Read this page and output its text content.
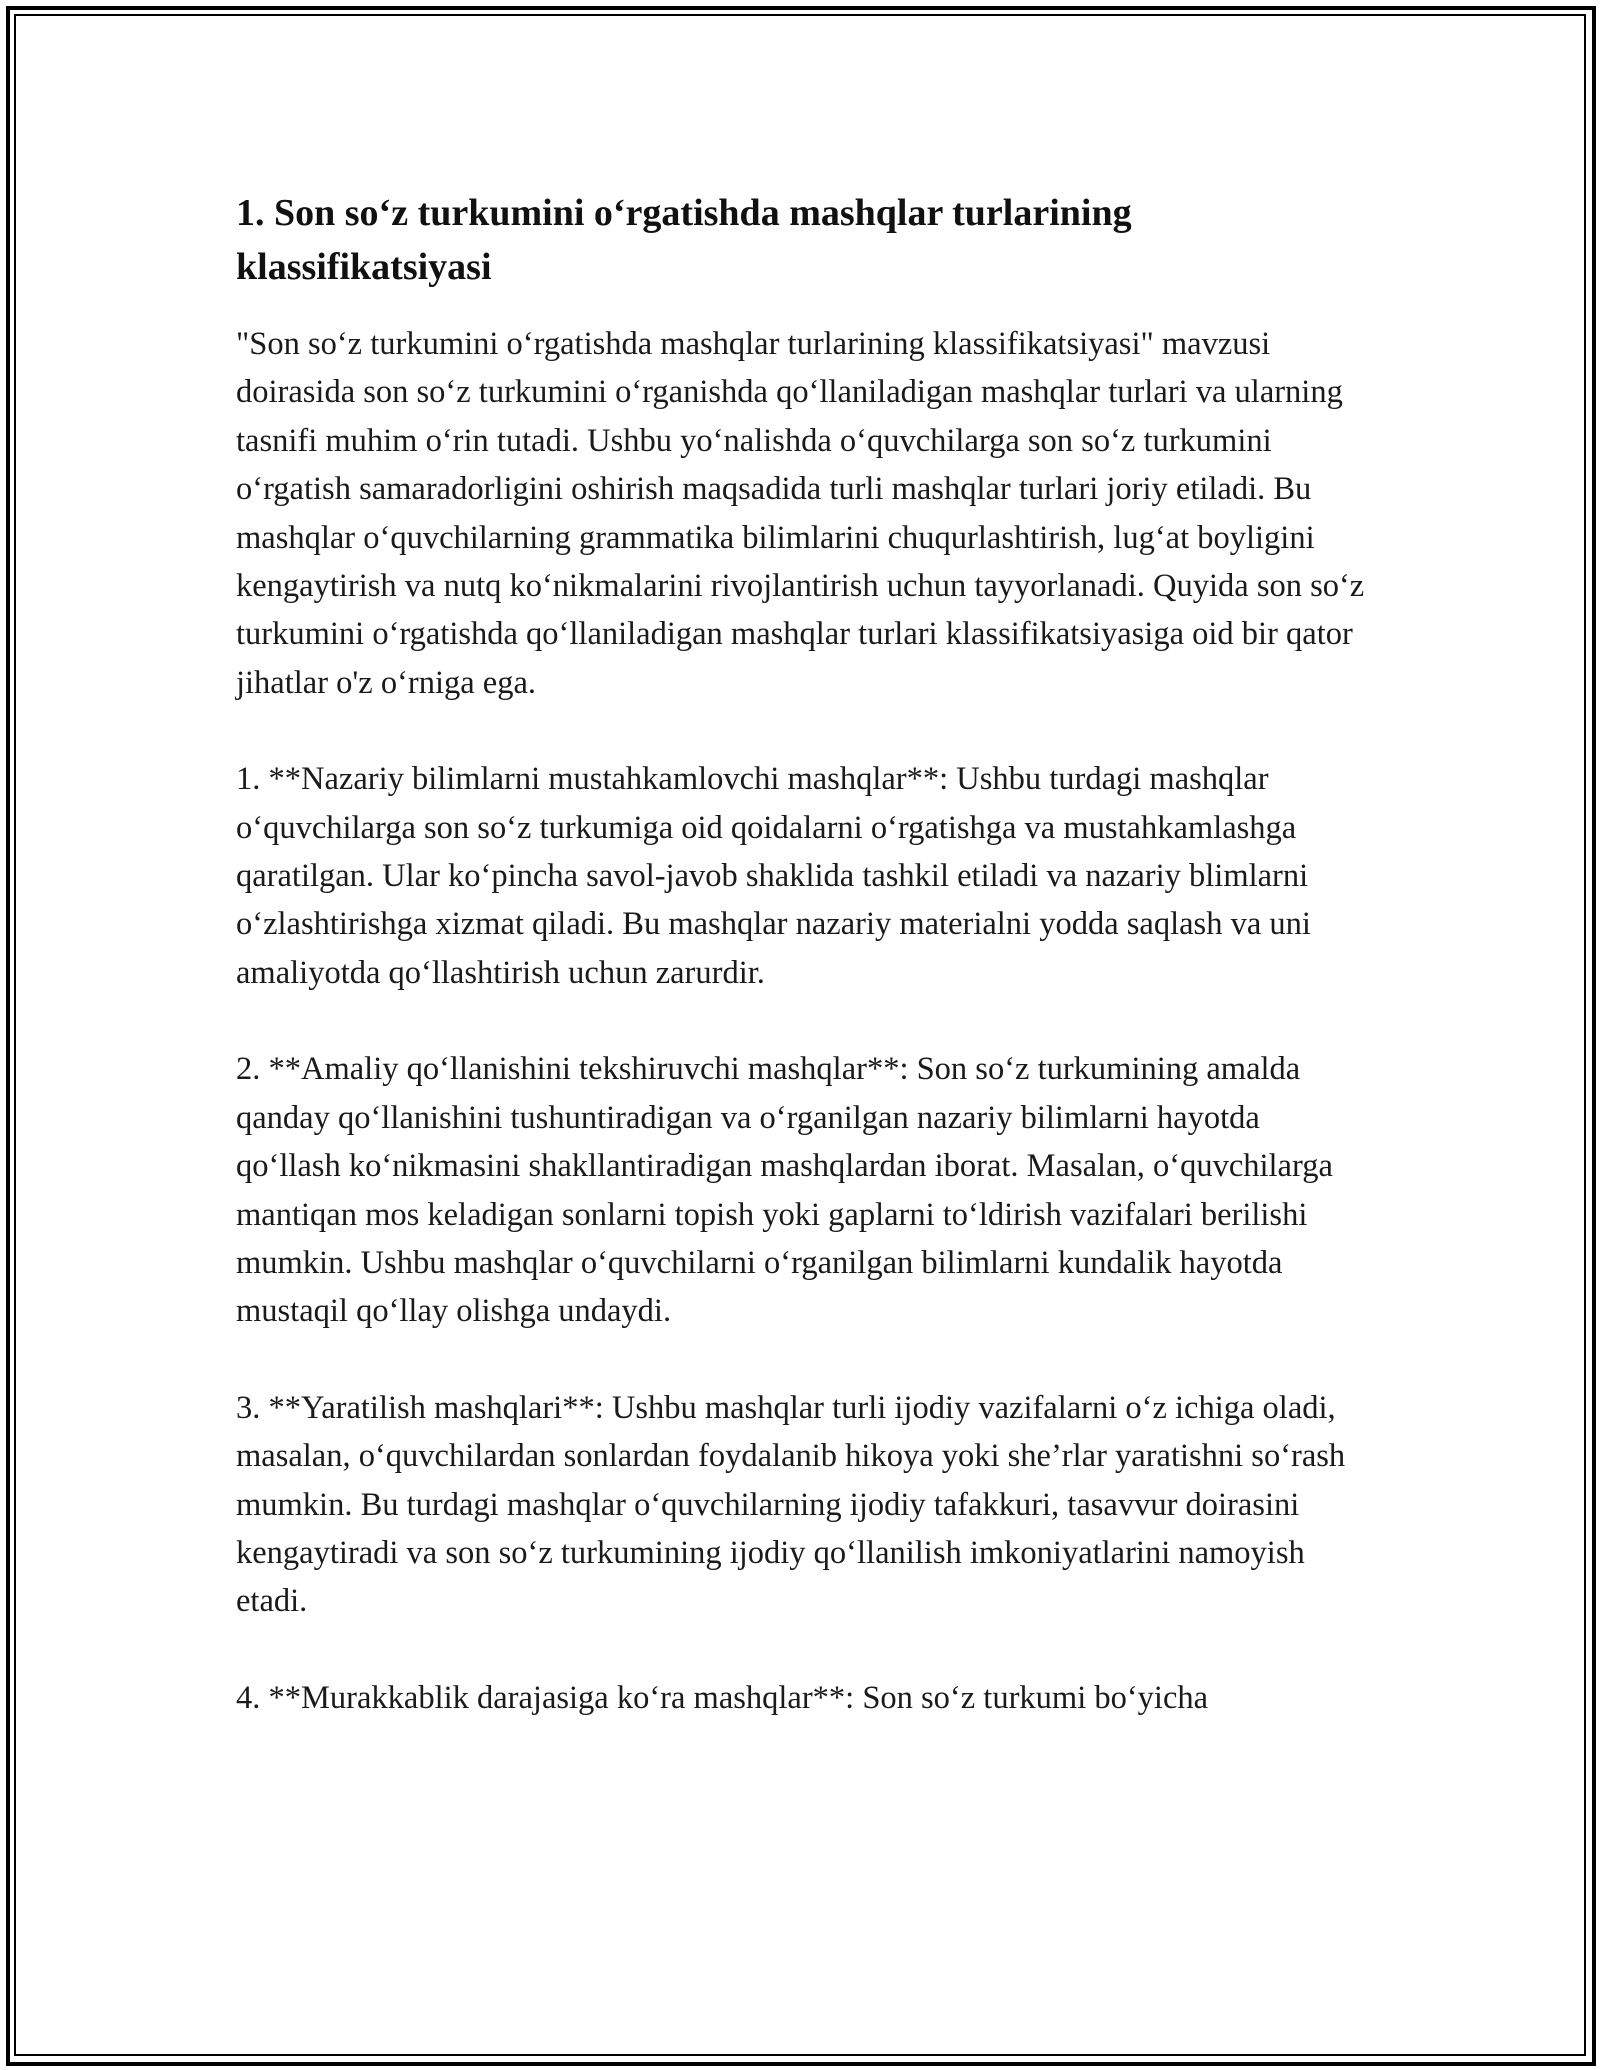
1. Son so‘z turkumini o‘rgatishda mashqlar turlarining klassifikatsiyasi

"Son so‘z turkumini o‘rgatishda mashqlar turlarining klassifikatsiyasi" mavzusi doirasida son so‘z turkumini o‘rganishda qo‘llaniladigan mashqlar turlari va ularning tasnifi muhim o‘rin tutadi. Ushbu yo‘nalishda o‘quvchilarga son so‘z turkumini o‘rgatish samaradorligini oshirish maqsadida turli mashqlar turlari joriy etiladi. Bu mashqlar o‘quvchilarning grammatika bilimlarini chuqurlashtirish, lug‘at boyligini kengaytirish va nutq ko‘nikmalarini rivojlantirish uchun tayyorlanadi. Quyida son so‘z turkumini o‘rgatishda qo‘llaniladigan mashqlar turlari klassifikatsiyasiga oid bir qator jihatlar o'z o‘rniga ega.

1. **Nazariy bilimlarni mustahkamlovchi mashqlar**: Ushbu turdagi mashqlar o‘quvchilarga son so‘z turkumiga oid qoidalarni o‘rgatishga va mustahkamlashga qaratilgan. Ular ko‘pincha savol-javob shaklida tashkil etiladi va nazariy blimlarni o‘zlashtirishga xizmat qiladi. Bu mashqlar nazariy materialni yodda saqlash va uni amaliyotda qo‘llashtirish uchun zarurdir.

2. **Amaliy qo‘llanishini tekshiruvchi mashqlar**: Son so‘z turkumining amalda qanday qo‘llanishini tushuntiradigan va o‘rganilgan nazariy bilimlarni hayotda qo‘llash ko‘nikmasini shakllantiradigan mashqlardan iborat. Masalan, o‘quvchilarga mantiqan mos keladigan sonlarni topish yoki gaplarni to‘ldirish vazifalari berilishi mumkin. Ushbu mashqlar o‘quvchilarni o‘rganilgan bilimlarni kundalik hayotda mustaqil qo‘llay olishga undaydi.

3. **Yaratilish mashqlari**: Ushbu mashqlar turli ijodiy vazifalarni o‘z ichiga oladi, masalan, o‘quvchilardan sonlardan foydalanib hikoya yoki she’rlar yaratishni so‘rash mumkin. Bu turdagi mashqlar o‘quvchilarning ijodiy tafakkuri, tasavvur doirasini kengaytiradi va son so‘z turkumining ijodiy qo‘llanilish imkoniyatlarini namoyish etadi.

4. **Murakkablik darajasiga ko‘ra mashqlar**: Son so‘z turkumi bo‘yicha
